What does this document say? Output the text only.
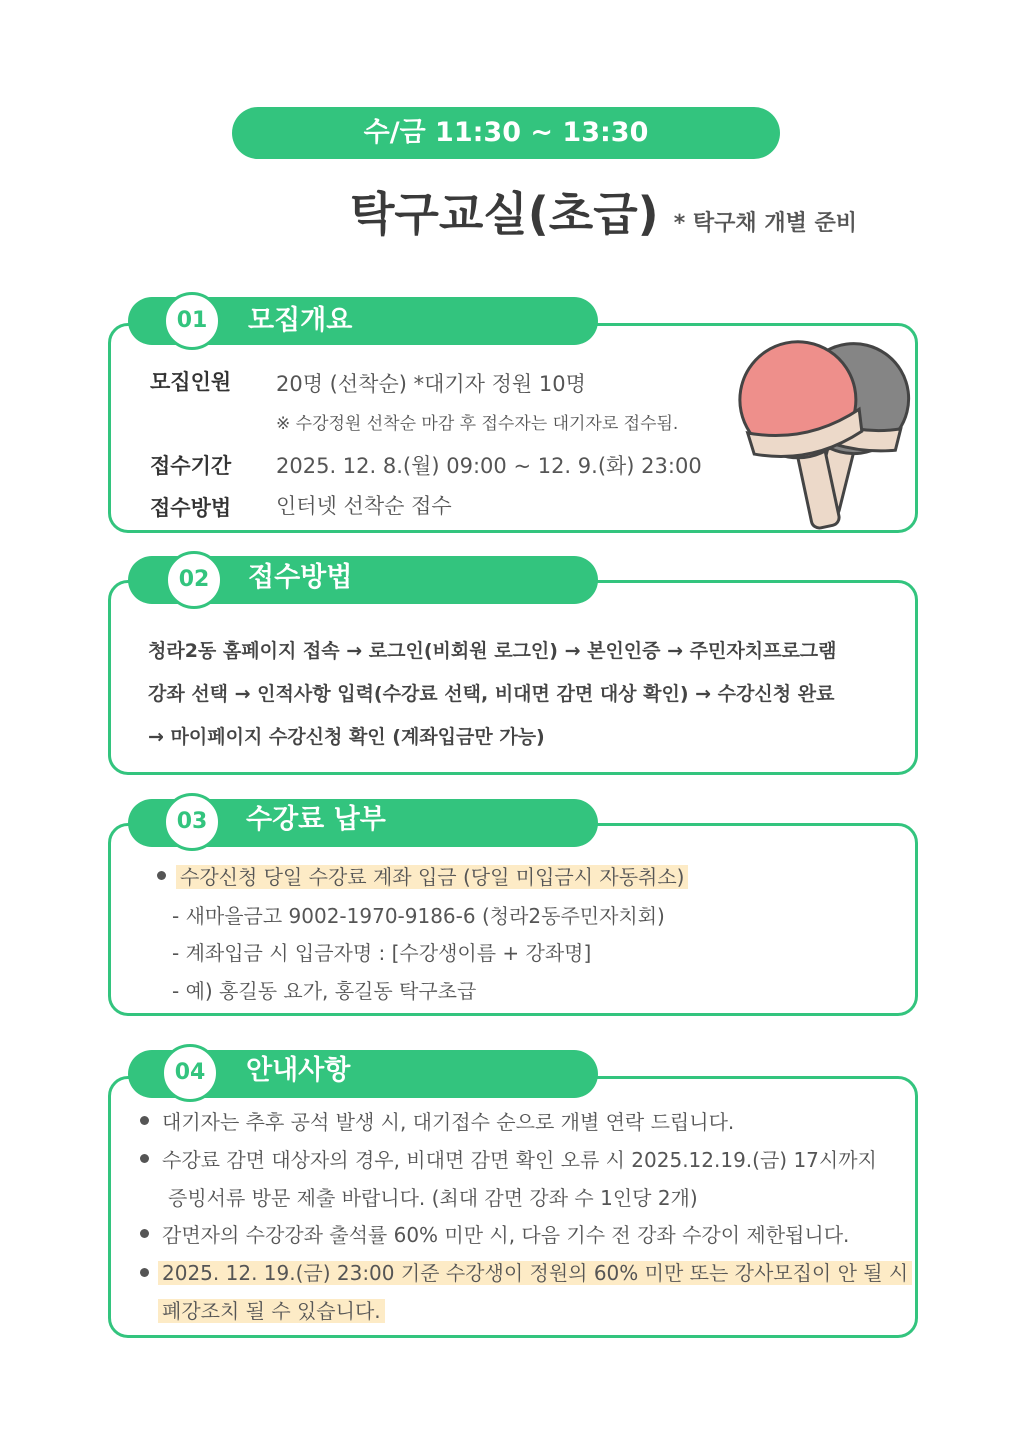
수/금 11:30 ~ 13:30
탁구교실(초급) * 탁구채 개별 준비
01	모집개요
모집인원 20명 (선착순) *대기자 정원 10명
※ 수강정원 선착순 마감 후 접수자는 대기자로 접수됨.
접수기간 2025. 12. 8.(월) 09:00 ~ 12. 9.(화) 23:00
접수방법 인터넷 선착순 접수
02	접수방법
청라2동 홈페이지 접속 → 로그인(비회원 로그인) → 본인인증 → 주민자치프로그램
강좌 선택 → 인적사항 입력(수강료 선택, 비대면 감면 대상 확인) → 수강신청 완료
→ 마이페이지 수강신청 확인 (계좌입금만 가능)
03	수강료 납부
수강신청 당일 수강료 계좌 입금 (당일 미입금시 자동취소)
- 새마을금고 9002-1970-9186-6 (청라2동주민자치회)
- 계좌입금 시 입금자명 : [수강생이름 + 강좌명]
- 예) 홍길동 요가, 홍길동 탁구초급
04	안내사항
대기자는 추후 공석 발생 시, 대기접수 순으로 개별 연락 드립니다.
수강료 감면 대상자의 경우, 비대면 감면 확인 오류 시 2025.12.19.(금) 17시까지
증빙서류 방문 제출 바랍니다. (최대 감면 강좌 수 1인당 2개)
감면자의 수강강좌 출석률 60% 미만 시, 다음 기수 전 강좌 수강이 제한됩니다.
2025. 12. 19.(금) 23:00 기준 수강생이 정원의 60% 미만 또는 강사모집이 안 될 시
폐강조치 될 수 있습니다.
